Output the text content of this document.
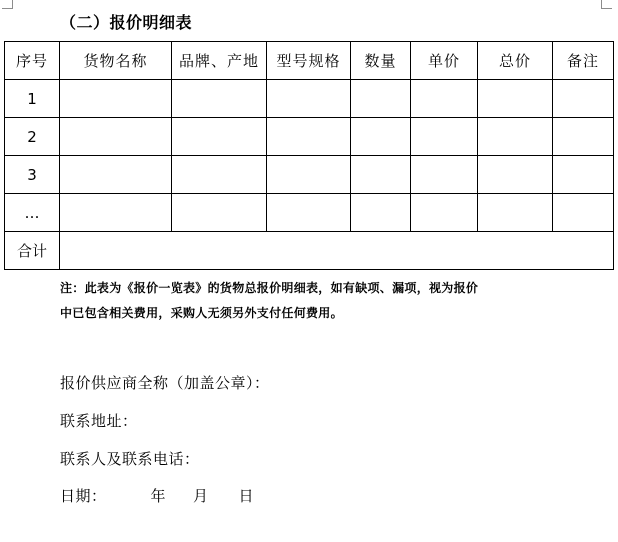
（二）报价明细表
序号	货物名称	品牌、产地	型号规格	数量	单价	总价	备注
1							
2							
3							
…							
合计							

注：此表为《报价一览表》的货物总报价明细表，如有缺项、漏项，视为报价

中已包含相关费用，采购人无须另外支付任何费用。

报价供应商全称（加盖公章）：
联系地址：
联系人及联系电话：
日期：	年 月 日
